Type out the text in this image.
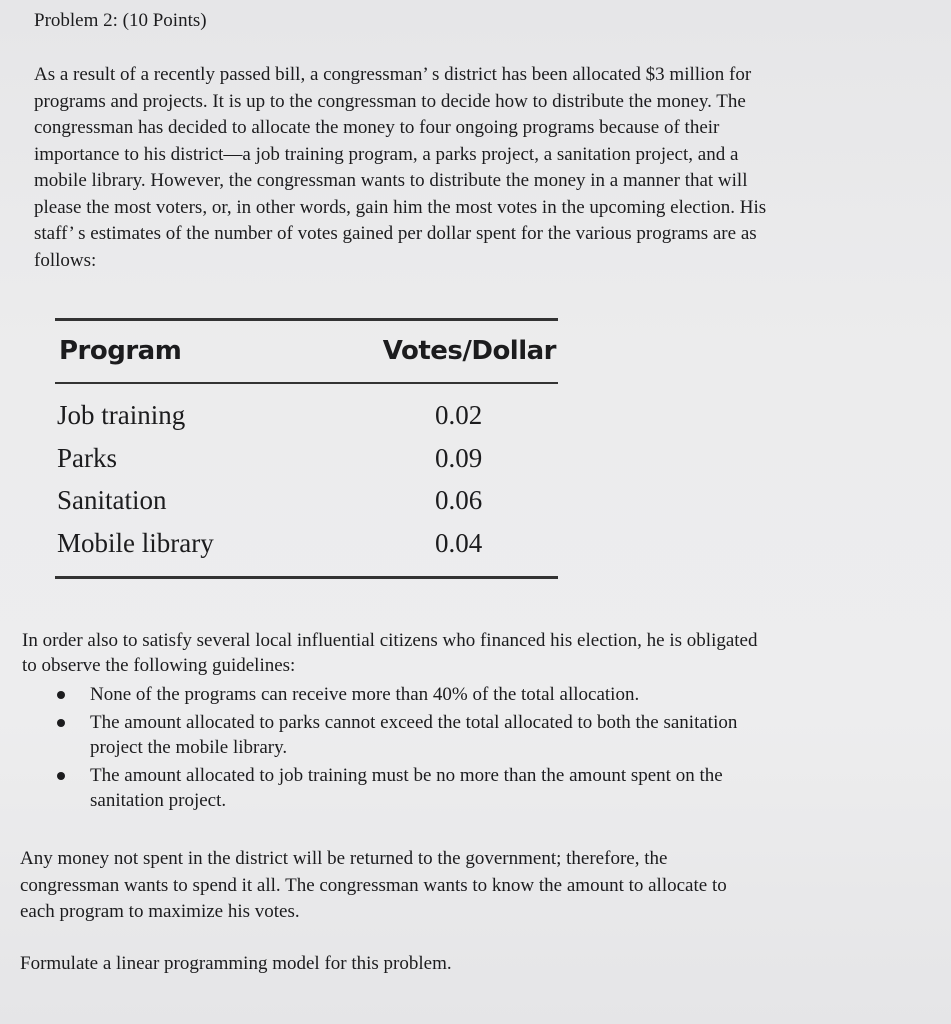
Problem 2: (10 Points)

As a result of a recently passed bill, a congressman’ s district has been allocated $3 million for
programs and projects. It is up to the congressman to decide how to distribute the money. The
congressman has decided to allocate the money to four ongoing programs because of their
importance to his district—a job training program, a parks project, a sanitation project, and a
mobile library. However, the congressman wants to distribute the money in a manner that will
please the most voters, or, in other words, gain him the most votes in the upcoming election. His
staff’ s estimates of the number of votes gained per dollar spent for the various programs are as
follows:

Program	Votes/Dollar
Job training	0.02
Parks	0.09
Sanitation	0.06
Mobile library	0.04

In order also to satisfy several local influential citizens who financed his election, he is obligated
to observe the following guidelines:

None of the programs can receive more than 40% of the total allocation.
The amount allocated to parks cannot exceed the total allocated to both the sanitation
project the mobile library.
The amount allocated to job training must be no more than the amount spent on the
sanitation project.

Any money not spent in the district will be returned to the government; therefore, the
congressman wants to spend it all. The congressman wants to know the amount to allocate to
each program to maximize his votes.

Formulate a linear programming model for this problem.
